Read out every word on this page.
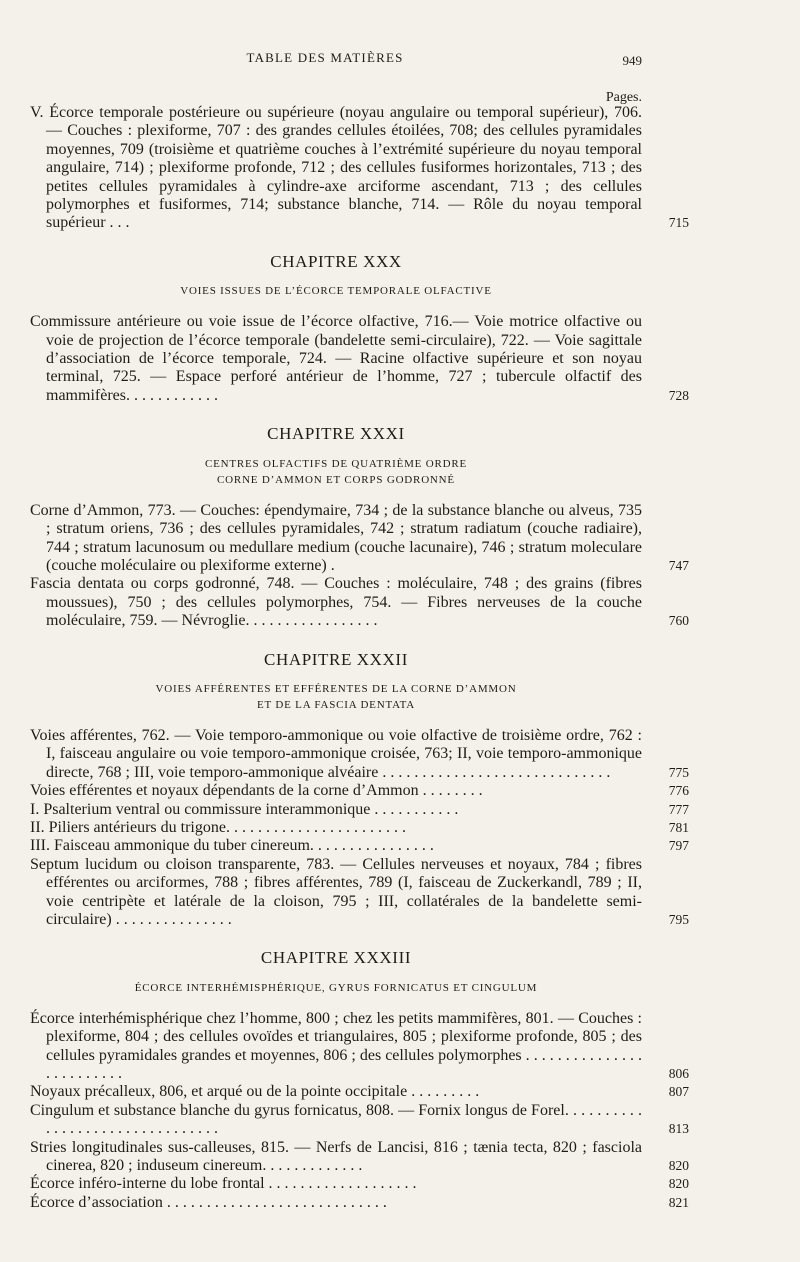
TABLE DES MATIÈRES	949
Pages.
V. Écorce temporale postérieure ou supérieure (noyau angulaire ou temporal supérieur), 706. — Couches : plexiforme, 707 : des grandes cellules étoilées, 708; des cellules pyramidales moyennes, 709 (troisième et quatrième couches à l’extrémité supérieure du noyau temporal angulaire, 714) ; plexiforme profonde, 712 ; des cellules fusiformes horizontales, 713 ; des petites cellules pyramidales à cylindre-axe arciforme ascendant, 713 ; des cellules polymorphes et fusiformes, 714; substance blanche, 714. — Rôle du noyau temporal supérieur . . .	715
CHAPITRE XXX
VOIES ISSUES DE L’ÉCORCE TEMPORALE OLFACTIVE
Commissure antérieure ou voie issue de l’écorce olfactive, 716.— Voie motrice olfactive ou voie de projection de l’écorce temporale (bandelette semi-circulaire), 722. — Voie sagittale d’association de l’écorce temporale, 724. — Racine olfactive supérieure et son noyau terminal, 725. — Espace perforé antérieur de l’homme, 727 ; tubercule olfactif des mammifères. . . . . . . . . . . .	728
CHAPITRE XXXI
CENTRES OLFACTIFS DE QUATRIÈME ORDRE
CORNE D’AMMON ET CORPS GODRONNÉ
Corne d’Ammon, 773. — Couches: épendymaire, 734 ; de la substance blanche ou alveus, 735 ; stratum oriens, 736 ; des cellules pyramidales, 742 ; stratum radiatum (couche radiaire), 744 ; stratum lacunosum ou medullare medium (couche lacunaire), 746 ; stratum moleculare (couche moléculaire ou plexiforme externe) .	747
Fascia dentata ou corps godronné, 748. — Couches : moléculaire, 748 ; des grains (fibres moussues), 750 ; des cellules polymorphes, 754. — Fibres nerveuses de la couche moléculaire, 759. — Névroglie. . . . . . . . . . . . . . . . .	760
CHAPITRE XXXII
VOIES AFFÉRENTES ET EFFÉRENTES DE LA CORNE D’AMMON
ET DE LA FASCIA DENTATA
Voies afférentes, 762. — Voie temporo-ammonique ou voie olfactive de troisième ordre, 762 : I, faisceau angulaire ou voie temporo-ammonique croisée, 763; II, voie temporo-ammonique directe, 768 ; III, voie temporo-ammonique alvéaire . . . . . . . . . . . . . . . . . . . . . . . . . . . . .	775
Voies efférentes et noyaux dépendants de la corne d’Ammon . . . . . . . .	776
I. Psalterium ventral ou commissure interammonique . . . . . . . . . . .	777
II. Piliers antérieurs du trigone. . . . . . . . . . . . . . . . . . . . . . .	781
III. Faisceau ammonique du tuber cinereum. . . . . . . . . . . . . . . .	797
Septum lucidum ou cloison transparente, 783. — Cellules nerveuses et noyaux, 784 ; fibres efférentes ou arciformes, 788 ; fibres afférentes, 789 (I, faisceau de Zuckerkandl, 789 ; II, voie centripète et latérale de la cloison, 795 ; III, collatérales de la bandelette semi-circulaire) . . . . . . . . . . . . . . .	795
CHAPITRE XXXIII
ÉCORCE INTERHÉMISPHÉRIQUE, GYRUS FORNICATUS ET CINGULUM
Écorce interhémisphérique chez l’homme, 800 ; chez les petits mammifères, 801. — Couches : plexiforme, 804 ; des cellules ovoïdes et triangulaires, 805 ; plexiforme profonde, 805 ; des cellules pyramidales grandes et moyennes, 806 ; des cellules polymorphes . . . . . . . . . . . . . . . . . . . . . . . . .	806
Noyaux précalleux, 806, et arqué ou de la pointe occipitale . . . . . . . . .	807
Cingulum et substance blanche du gyrus fornicatus, 808. — Fornix longus de Forel. . . . . . . . . . . . . . . . . . . . . . . . . . . . . . . .	813
Stries longitudinales sus-calleuses, 815. — Nerfs de Lancisi, 816 ; tænia tecta, 820 ; fasciola cinerea, 820 ; induseum cinereum. . . . . . . . . . . . .	820
Écorce inféro-interne du lobe frontal . . . . . . . . . . . . . . . . . . .	820
Écorce d’association . . . . . . . . . . . . . . . . . . . . . . . . . . . .	821
